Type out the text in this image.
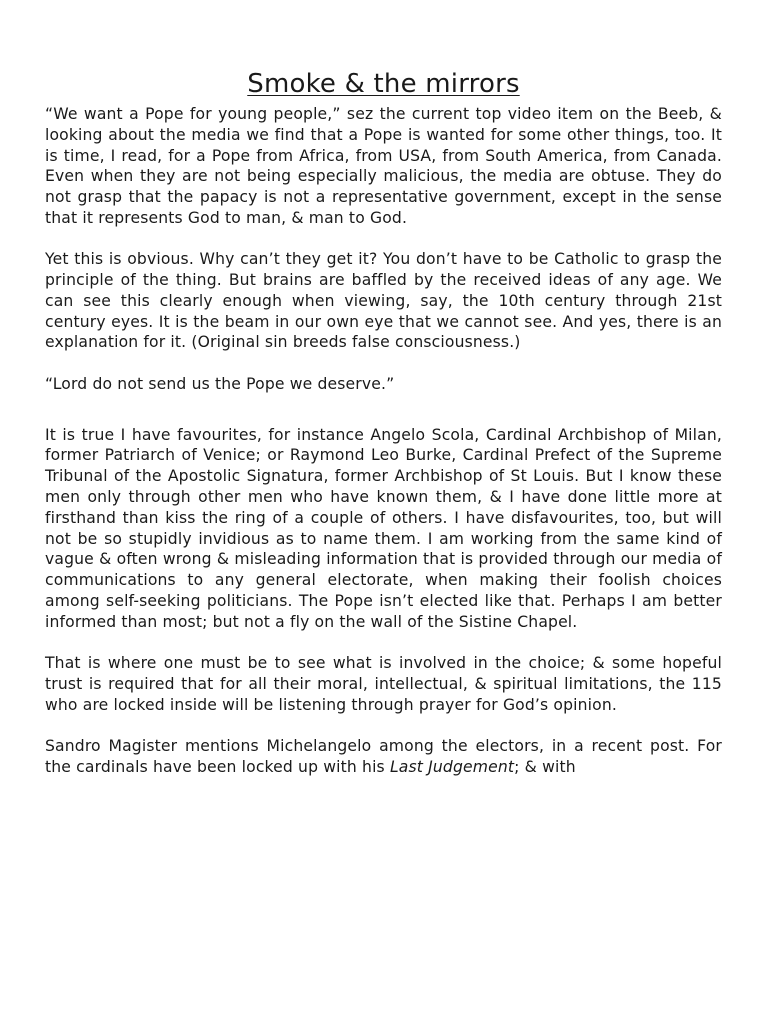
Smoke & the mirrors

“We want a Pope for young people,” sez the current top video item on the Beeb, & looking about the media we find that a Pope is wanted for some other things, too. It is time, I read, for a Pope from Africa, from USA, from South America, from Canada. Even when they are not being especially malicious, the media are obtuse. They do not grasp that the papacy is not a representative government, except in the sense that it represents God to man, & man to God.

Yet this is obvious. Why can’t they get it? You don’t have to be Catholic to grasp the principle of the thing. But brains are baffled by the received ideas of any age. We can see this clearly enough when viewing, say, the 10th century through 21st century eyes. It is the beam in our own eye that we cannot see. And yes, there is an explanation for it. (Original sin breeds false consciousness.)

“Lord do not send us the Pope we deserve.”

It is true I have favourites, for instance Angelo Scola, Cardinal Archbishop of Milan, former Patriarch of Venice; or Raymond Leo Burke, Cardinal Prefect of the Supreme Tribunal of the Apostolic Signatura, former Archbishop of St Louis. But I know these men only through other men who have known them, & I have done little more at firsthand than kiss the ring of a couple of others. I have disfavourites, too, but will not be so stupidly invidious as to name them. I am working from the same kind of vague & often wrong & misleading information that is provided through our media of communications to any general electorate, when making their foolish choices among self-seeking politicians. The Pope isn’t elected like that. Perhaps I am better informed than most; but not a fly on the wall of the Sistine Chapel.

That is where one must be to see what is involved in the choice; & some hopeful trust is required that for all their moral, intellectual, & spiritual limitations, the 115 who are locked inside will be listening through prayer for God’s opinion.

Sandro Magister mentions Michelangelo among the electors, in a recent post. For the cardinals have been locked up with his Last Judgement; & with
